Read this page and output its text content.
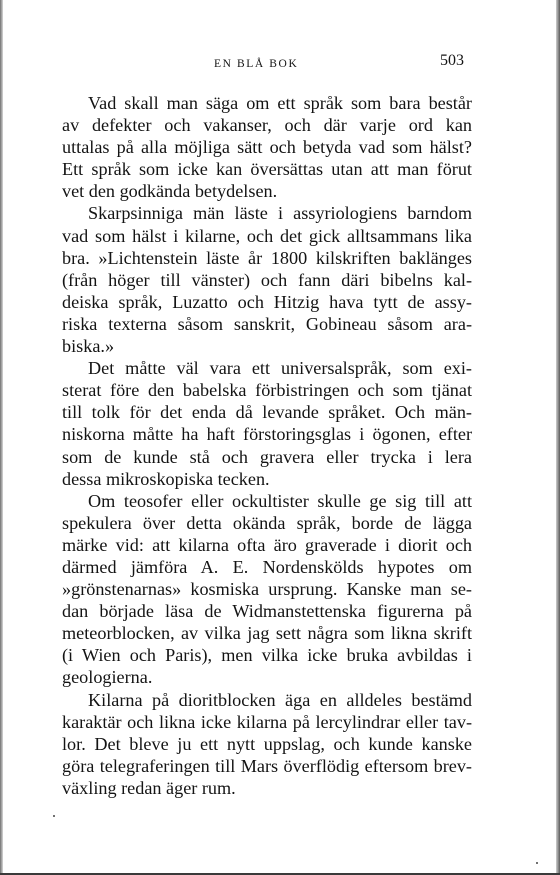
EN BLÅ BOK	503
Vad skall man säga om ett språk som bara består
av defekter och vakanser, och där varje ord kan
uttalas på alla möjliga sätt och betyda vad som hälst?
Ett språk som icke kan översättas utan att man förut
vet den godkända betydelsen.
Skarpsinniga män läste i assyriologiens barndom
vad som hälst i kilarne, och det gick alltsammans lika
bra. »Lichtenstein läste år 1800 kilskriften baklänges
(från höger till vänster) och fann däri bibelns kal-
deiska språk, Luzatto och Hitzig hava tytt de assy-
riska texterna såsom sanskrit, Gobineau såsom ara-
biska.»
Det måtte väl vara ett universalspråk, som exi-
sterat före den babelska förbistringen och som tjänat
till tolk för det enda då levande språket. Och män-
niskorna måtte ha haft förstoringsglas i ögonen, efter
som de kunde stå och gravera eller trycka i lera
dessa mikroskopiska tecken.
Om teosofer eller ockultister skulle ge sig till att
spekulera över detta okända språk, borde de lägga
märke vid: att kilarna ofta äro graverade i diorit och
därmed jämföra A. E. Nordenskölds hypotes om
»grönstenarnas» kosmiska ursprung. Kanske man se-
dan började läsa de Widmanstettenska figurerna på
meteorblocken, av vilka jag sett några som likna skrift
(i Wien och Paris), men vilka icke bruka avbildas i
geologierna.
Kilarna på dioritblocken äga en alldeles bestämd
karaktär och likna icke kilarna på lercylindrar eller tav-
lor. Det bleve ju ett nytt uppslag, och kunde kanske
göra telegraferingen till Mars överflödig eftersom brev-
växling redan äger rum.
